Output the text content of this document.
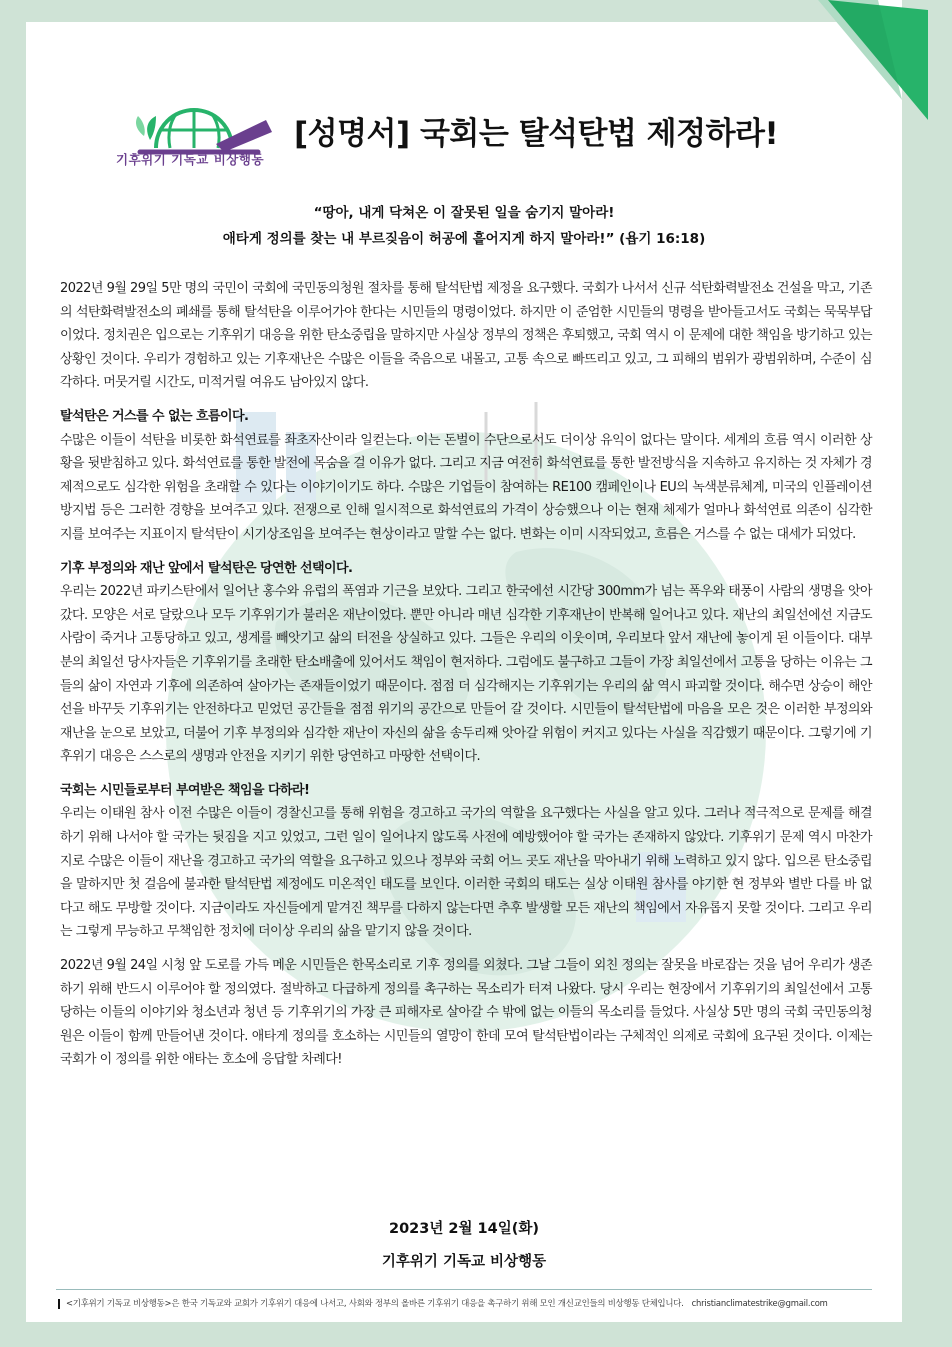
기후위기 기독교 비상행동
[성명서] 국회는 탈석탄법 제정하라!
“땅아, 내게 닥쳐온 이 잘못된 일을 숨기지 말아라!
애타게 정의를 찾는 내 부르짖음이 허공에 흩어지게 하지 말아라!” (욥기 16:18)

2022년 9월 29일 5만 명의 국민이 국회에 국민동의청원 절차를 통해 탈석탄법 제정을 요구했다. 국회가 나서서 신규 석탄화력발전소 건설을 막고, 기존의 석탄화력발전소의 폐쇄를 통해 탈석탄을 이루어가야 한다는 시민들의 명령이었다. 하지만 이 준엄한 시민들의 명령을 받아들고서도 국회는 묵묵부답이었다. 정치권은 입으로는 기후위기 대응을 위한 탄소중립을 말하지만 사실상 정부의 정책은 후퇴했고, 국회 역시 이 문제에 대한 책임을 방기하고 있는 상황인 것이다. 우리가 경험하고 있는 기후재난은 수많은 이들을 죽음으로 내몰고, 고통 속으로 빠뜨리고 있고, 그 피해의 범위가 광범위하며, 수준이 심각하다. 머뭇거릴 시간도, 미적거릴 여유도 남아있지 않다.

탈석탄은 거스를 수 없는 흐름이다.

수많은 이들이 석탄을 비롯한 화석연료를 좌초자산이라 일컫는다. 이는 돈벌이 수단으로서도 더이상 유익이 없다는 말이다. 세계의 흐름 역시 이러한 상황을 뒷받침하고 있다. 화석연료를 통한 발전에 목숨을 걸 이유가 없다. 그리고 지금 여전히 화석연료를 통한 발전방식을 지속하고 유지하는 것 자체가 경제적으로도 심각한 위험을 초래할 수 있다는 이야기이기도 하다. 수많은 기업들이 참여하는 RE100 캠페인이나 EU의 녹색분류체계, 미국의 인플레이션 방지법 등은 그러한 경향을 보여주고 있다. 전쟁으로 인해 일시적으로 화석연료의 가격이 상승했으나 이는 현재 체제가 얼마나 화석연료 의존이 심각한지를 보여주는 지표이지 탈석탄이 시기상조임을 보여주는 현상이라고 말할 수는 없다. 변화는 이미 시작되었고, 흐름은 거스를 수 없는 대세가 되었다.

기후 부정의와 재난 앞에서 탈석탄은 당연한 선택이다.

우리는 2022년 파키스탄에서 일어난 홍수와 유럽의 폭염과 기근을 보았다. 그리고 한국에선 시간당 300mm가 넘는 폭우와 태풍이 사람의 생명을 앗아갔다. 모양은 서로 달랐으나 모두 기후위기가 불러온 재난이었다. 뿐만 아니라 매년 심각한 기후재난이 반복해 일어나고 있다. 재난의 최일선에선 지금도 사람이 죽거나 고통당하고 있고, 생계를 빼앗기고 삶의 터전을 상실하고 있다. 그들은 우리의 이웃이며, 우리보다 앞서 재난에 놓이게 된 이들이다. 대부분의 최일선 당사자들은 기후위기를 초래한 탄소배출에 있어서도 책임이 현저하다. 그럼에도 불구하고 그들이 가장 최일선에서 고통을 당하는 이유는 그들의 삶이 자연과 기후에 의존하여 살아가는 존재들이었기 때문이다. 점점 더 심각해지는 기후위기는 우리의 삶 역시 파괴할 것이다. 해수면 상승이 해안선을 바꾸듯 기후위기는 안전하다고 믿었던 공간들을 점점 위기의 공간으로 만들어 갈 것이다. 시민들이 탈석탄법에 마음을 모은 것은 이러한 부정의와 재난을 눈으로 보았고, 더불어 기후 부정의와 심각한 재난이 자신의 삶을 송두리째 앗아갈 위험이 커지고 있다는 사실을 직감했기 때문이다. 그렇기에 기후위기 대응은 스스로의 생명과 안전을 지키기 위한 당연하고 마땅한 선택이다.

국회는 시민들로부터 부여받은 책임을 다하라!

우리는 이태원 참사 이전 수많은 이들이 경찰신고를 통해 위험을 경고하고 국가의 역할을 요구했다는 사실을 알고 있다. 그러나 적극적으로 문제를 해결하기 위해 나서야 할 국가는 뒷짐을 지고 있었고, 그런 일이 일어나지 않도록 사전에 예방했어야 할 국가는 존재하지 않았다. 기후위기 문제 역시 마찬가지로 수많은 이들이 재난을 경고하고 국가의 역할을 요구하고 있으나 정부와 국회 어느 곳도 재난을 막아내기 위해 노력하고 있지 않다. 입으론 탄소중립을 말하지만 첫 걸음에 불과한 탈석탄법 제정에도 미온적인 태도를 보인다. 이러한 국회의 태도는 실상 이태원 참사를 야기한 현 정부와 별반 다를 바 없다고 해도 무방할 것이다. 지금이라도 자신들에게 맡겨진 책무를 다하지 않는다면 추후 발생할 모든 재난의 책임에서 자유롭지 못할 것이다. 그리고 우리는 그렇게 무능하고 무책임한 정치에 더이상 우리의 삶을 맡기지 않을 것이다.

2022년 9월 24일 시청 앞 도로를 가득 메운 시민들은 한목소리로 기후 정의를 외쳤다. 그날 그들이 외친 정의는 잘못을 바로잡는 것을 넘어 우리가 생존하기 위해 반드시 이루어야 할 정의였다. 절박하고 다급하게 정의를 촉구하는 목소리가 터져 나왔다. 당시 우리는 현장에서 기후위기의 최일선에서 고통당하는 이들의 이야기와 청소년과 청년 등 기후위기의 가장 큰 피해자로 살아갈 수 밖에 없는 이들의 목소리를 들었다. 사실상 5만 명의 국회 국민동의청원은 이들이 함께 만들어낸 것이다. 애타게 정의를 호소하는 시민들의 열망이 한데 모여 탈석탄법이라는 구체적인 의제로 국회에 요구된 것이다. 이제는 국회가 이 정의를 위한 애타는 호소에 응답할 차례다!

2023년 2월 14일(화)
기후위기 기독교 비상행동
<기후위기 기독교 비상행동>은 한국 기독교와 교회가 기후위기 대응에 나서고, 사회와 정부의 올바른 기후위기 대응을 촉구하기 위해 모인 개신교인들의 비상행동 단체입니다. christianclimatestrike@gmail.com
